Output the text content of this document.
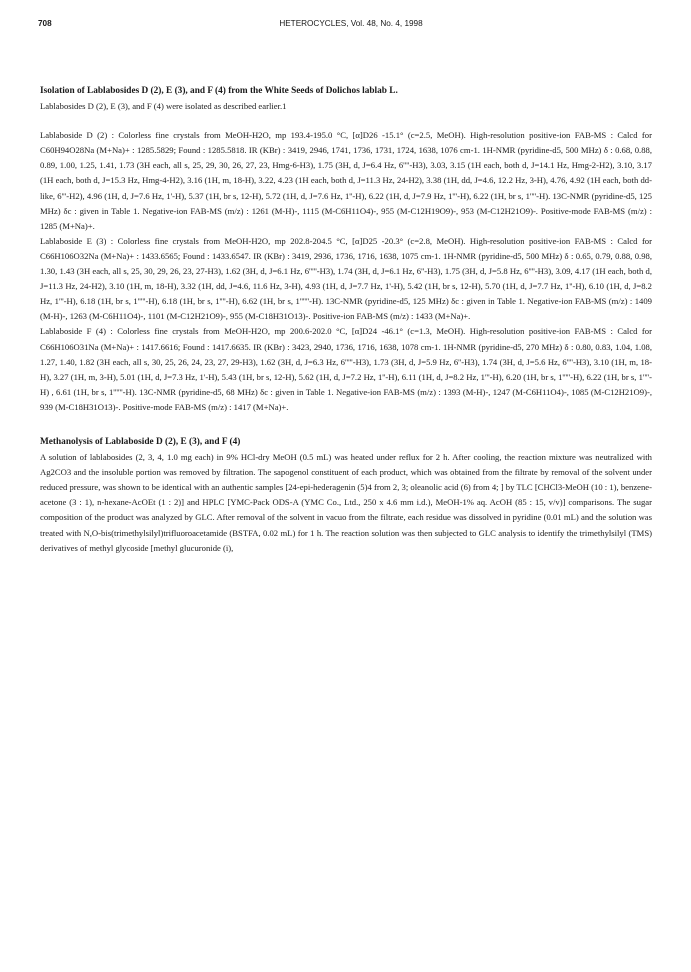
708	HETEROCYCLES, Vol. 48, No. 4, 1998

Isolation of Lablabosides D (2), E (3), and F (4) from the White Seeds of Dolichos lablab L.

Lablabosides D (2), E (3), and F (4) were isolated as described earlier.1

Lablaboside D (2) : Colorless fine crystals from MeOH-H2O, mp 193.4-195.0 °C, [α]D26 -15.1° (c=2.5, MeOH). High-resolution positive-ion FAB-MS : Calcd for C60H94O28Na (M+Na)+ : 1285.5829; Found : 1285.5818. IR (KBr) : 3419, 2946, 1741, 1736, 1731, 1724, 1638, 1076 cm-1. 1H-NMR (pyridine-d5, 500 MHz) δ : 0.68, 0.88, 0.89, 1.00, 1.25, 1.41, 1.73 (3H each, all s, 25, 29, 30, 26, 27, 23, Hmg-6-H3), 1.75 (3H, d, J=6.4 Hz, 6''''-H3), 3.03, 3.15 (1H each, both d, J=14.1 Hz, Hmg-2-H2), 3.10, 3.17 (1H each, both d, J=15.3 Hz, Hmg-4-H2), 3.16 (1H, m, 18-H), 3.22, 4.23 (1H each, both d, J=11.3 Hz, 24-H2), 3.38 (1H, dd, J=4.6, 12.2 Hz, 3-H), 4.76, 4.92 (1H each, both dd-like, 6'''-H2), 4.96 (1H, d, J=7.6 Hz, 1'-H), 5.37 (1H, br s, 12-H), 5.72 (1H, d, J=7.6 Hz, 1''-H), 6.22 (1H, d, J=7.9 Hz, 1'''-H), 6.22 (1H, br s, 1''''-H). 13C-NMR (pyridine-d5, 125 MHz) δc : given in Table 1. Negative-ion FAB-MS (m/z) : 1261 (M-H)-, 1115 (M-C6H11O4)-, 955 (M-C12H19O9)-, 953 (M-C12H21O9)-. Positive-mode FAB-MS (m/z) : 1285 (M+Na)+.

Lablaboside E (3) : Colorless fine crystals from MeOH-H2O, mp 202.8-204.5 °C, [α]D25 -20.3° (c=2.8, MeOH). High-resolution positive-ion FAB-MS : Calcd for C66H106O32Na (M+Na)+ : 1433.6565; Found : 1433.6547. IR (KBr) : 3419, 2936, 1736, 1716, 1638, 1075 cm-1. 1H-NMR (pyridine-d5, 500 MHz) δ : 0.65, 0.79, 0.88, 0.98, 1.30, 1.43 (3H each, all s, 25, 30, 29, 26, 23, 27-H3), 1.62 (3H, d, J=6.1 Hz, 6'''''-H3), 1.74 (3H, d, J=6.1 Hz, 6''-H3), 1.75 (3H, d, J=5.8 Hz, 6''''-H3), 3.09, 4.17 (1H each, both d, J=11.3 Hz, 24-H2), 3.10 (1H, m, 18-H), 3.32 (1H, dd, J=4.6, 11.6 Hz, 3-H), 4.93 (1H, d, J=7.7 Hz, 1'-H), 5.42 (1H, br s, 12-H), 5.70 (1H, d, J=7.7 Hz, 1''-H), 6.10 (1H, d, J=8.2 Hz, 1'''-H), 6.18 (1H, br s, 1'''''-H), 6.18 (1H, br s, 1''''-H), 6.62 (1H, br s, 1''''''-H). 13C-NMR (pyridine-d5, 125 MHz) δc : given in Table 1. Negative-ion FAB-MS (m/z) : 1409 (M-H)-, 1263 (M-C6H11O4)-, 1101 (M-C12H21O9)-, 955 (M-C18H31O13)-. Positive-ion FAB-MS (m/z) : 1433 (M+Na)+.

Lablaboside F (4) : Colorless fine crystals from MeOH-H2O, mp 200.6-202.0 °C, [α]D24 -46.1° (c=1.3, MeOH). High-resolution positive-ion FAB-MS : Calcd for C66H106O31Na (M+Na)+ : 1417.6616; Found : 1417.6635. IR (KBr) : 3423, 2940, 1736, 1716, 1638, 1078 cm-1. 1H-NMR (pyridine-d5, 270 MHz) δ : 0.80, 0.83, 1.04, 1.08, 1.27, 1.40, 1.82 (3H each, all s, 30, 25, 26, 24, 23, 27, 29-H3), 1.62 (3H, d, J=6.3 Hz, 6'''''-H3), 1.73 (3H, d, J=5.9 Hz, 6''-H3), 1.74 (3H, d, J=5.6 Hz, 6''''-H3), 3.10 (1H, m, 18-H), 3.27 (1H, m, 3-H), 5.01 (1H, d, J=7.3 Hz, 1'-H), 5.43 (1H, br s, 12-H), 5.62 (1H, d, J=7.2 Hz, 1''-H), 6.11 (1H, d, J=8.2 Hz, 1'''-H), 6.20 (1H, br s, 1'''''-H), 6.22 (1H, br s, 1''''-H) , 6.61 (1H, br s, 1''''''-H). 13C-NMR (pyridine-d5, 68 MHz) δc : given in Table 1. Negative-ion FAB-MS (m/z) : 1393 (M-H)-, 1247 (M-C6H11O4)-, 1085 (M-C12H21O9)-, 939 (M-C18H31O13)-. Positive-mode FAB-MS (m/z) : 1417 (M+Na)+.

Methanolysis of Lablaboside D (2), E (3), and F (4)

A solution of lablabosides (2, 3, 4, 1.0 mg each) in 9% HCl-dry MeOH (0.5 mL) was heated under reflux for 2 h. After cooling, the reaction mixture was neutralized with Ag2CO3 and the insoluble portion was removed by filtration. The sapogenol constituent of each product, which was obtained from the filtrate by removal of the solvent under reduced pressure, was shown to be identical with an authentic samples [24-epi-hederagenin (5)4 from 2, 3; oleanolic acid (6) from 4; ] by TLC [CHCl3-MeOH (10 : 1), benzene-acetone (3 : 1), n-hexane-AcOEt (1 : 2)] and HPLC [YMC-Pack ODS-A (YMC Co., Ltd., 250 x 4.6 mm i.d.), MeOH-1% aq. AcOH (85 : 15, v/v)] comparisons. The sugar composition of the product was analyzed by GLC. After removal of the solvent in vacuo from the filtrate, each residue was dissolved in pyridine (0.01 mL) and the solution was treated with N,O-bis(trimethylsilyl)trifluoroacetamide (BSTFA, 0.02 mL) for 1 h. The reaction solution was then subjected to GLC analysis to identify the trimethylsilyl (TMS) derivatives of methyl glycoside [methyl glucuronide (i),
